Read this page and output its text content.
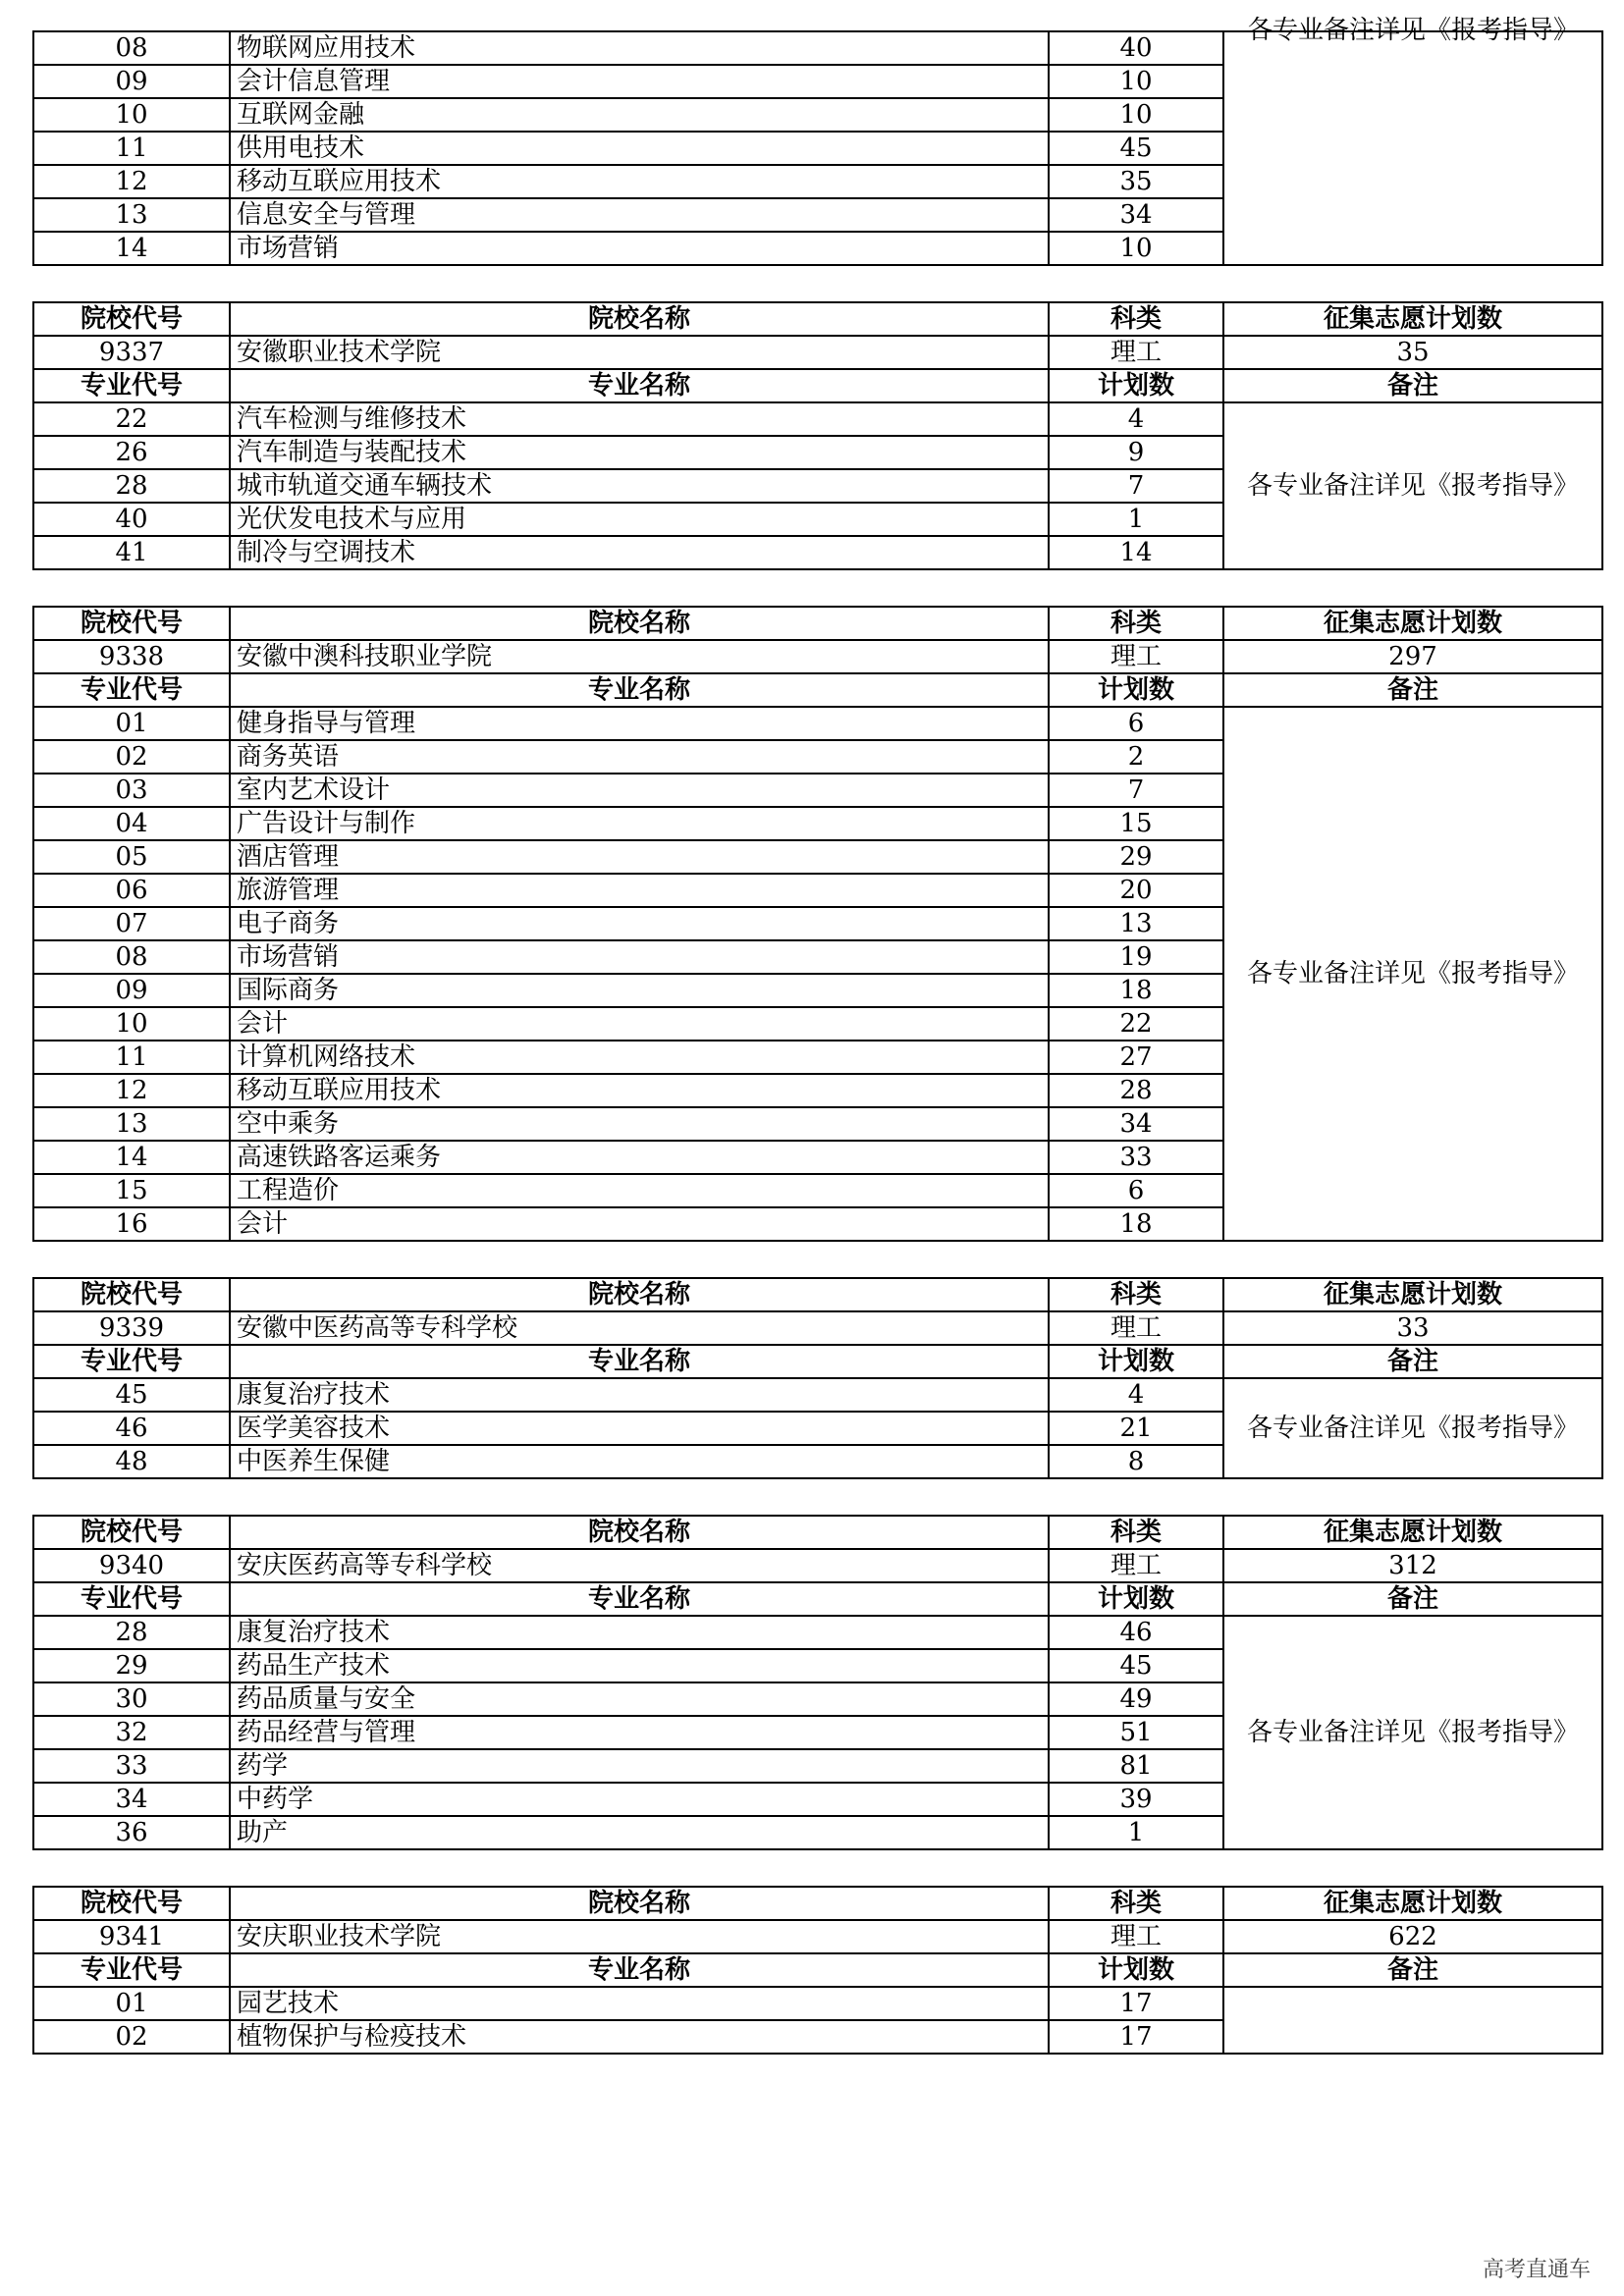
08	物联网应用技术	40	各专业备注详见《报考指导》
09	会计信息管理	10	
10	互联网金融	10	
11	供用电技术	45	
12	移动互联应用技术	35	
13	信息安全与管理	34	
14	市场营销	10	
院校代号	院校名称	科类	征集志愿计划数
9337	安徽职业技术学院	理工	35
专业代号	专业名称	计划数	备注
22	汽车检测与维修技术	4	各专业备注详见《报考指导》
26	汽车制造与装配技术	9	
28	城市轨道交通车辆技术	7	
40	光伏发电技术与应用	1	
41	制冷与空调技术	14	
院校代号	院校名称	科类	征集志愿计划数
9338	安徽中澳科技职业学院	理工	297
专业代号	专业名称	计划数	备注
01	健身指导与管理	6	各专业备注详见《报考指导》
02	商务英语	2	
03	室内艺术设计	7	
04	广告设计与制作	15	
05	酒店管理	29	
06	旅游管理	20	
07	电子商务	13	
08	市场营销	19	
09	国际商务	18	
10	会计	22	
11	计算机网络技术	27	
12	移动互联应用技术	28	
13	空中乘务	34	
14	高速铁路客运乘务	33	
15	工程造价	6	
16	会计	18	
院校代号	院校名称	科类	征集志愿计划数
9339	安徽中医药高等专科学校	理工	33
专业代号	专业名称	计划数	备注
45	康复治疗技术	4	各专业备注详见《报考指导》
46	医学美容技术	21	
48	中医养生保健	8	
院校代号	院校名称	科类	征集志愿计划数
9340	安庆医药高等专科学校	理工	312
专业代号	专业名称	计划数	备注
28	康复治疗技术	46	各专业备注详见《报考指导》
29	药品生产技术	45	
30	药品质量与安全	49	
32	药品经营与管理	51	
33	药学	81	
34	中药学	39	
36	助产	1	
院校代号	院校名称	科类	征集志愿计划数
9341	安庆职业技术学院	理工	622
专业代号	专业名称	计划数	备注
01	园艺技术	17	
02	植物保护与检疫技术	17	
高考直通车
